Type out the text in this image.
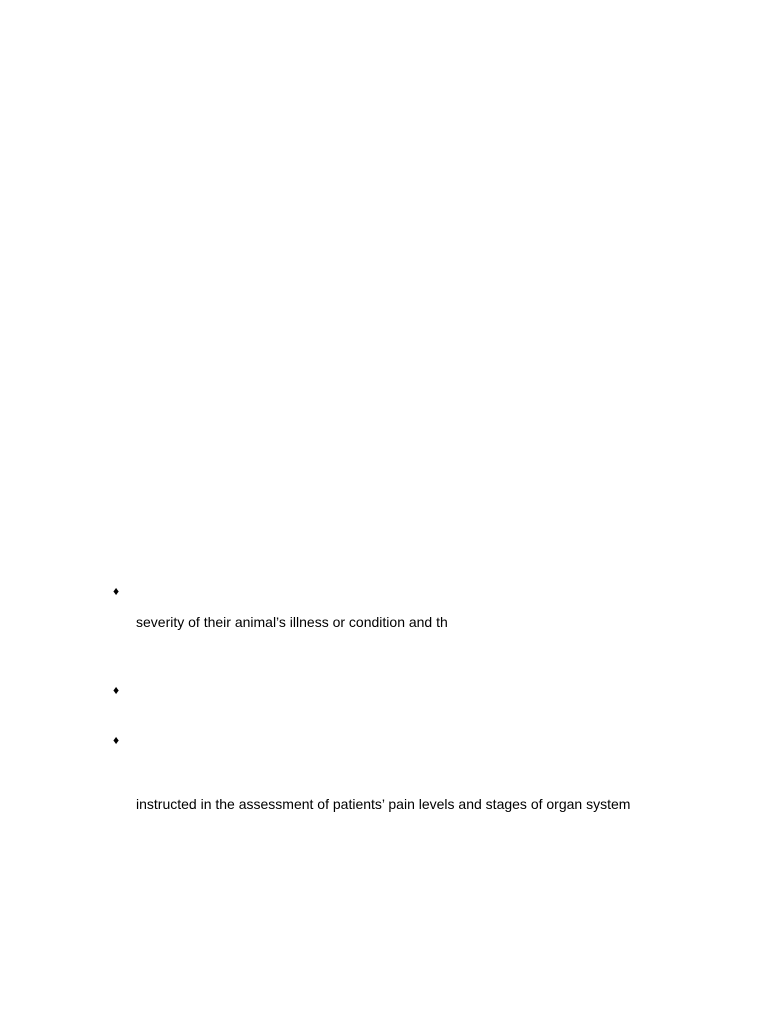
♦
severity of their animal’s illness or condition and th
♦
♦
instructed in the assessment of patients’ pain levels and stages of organ system
